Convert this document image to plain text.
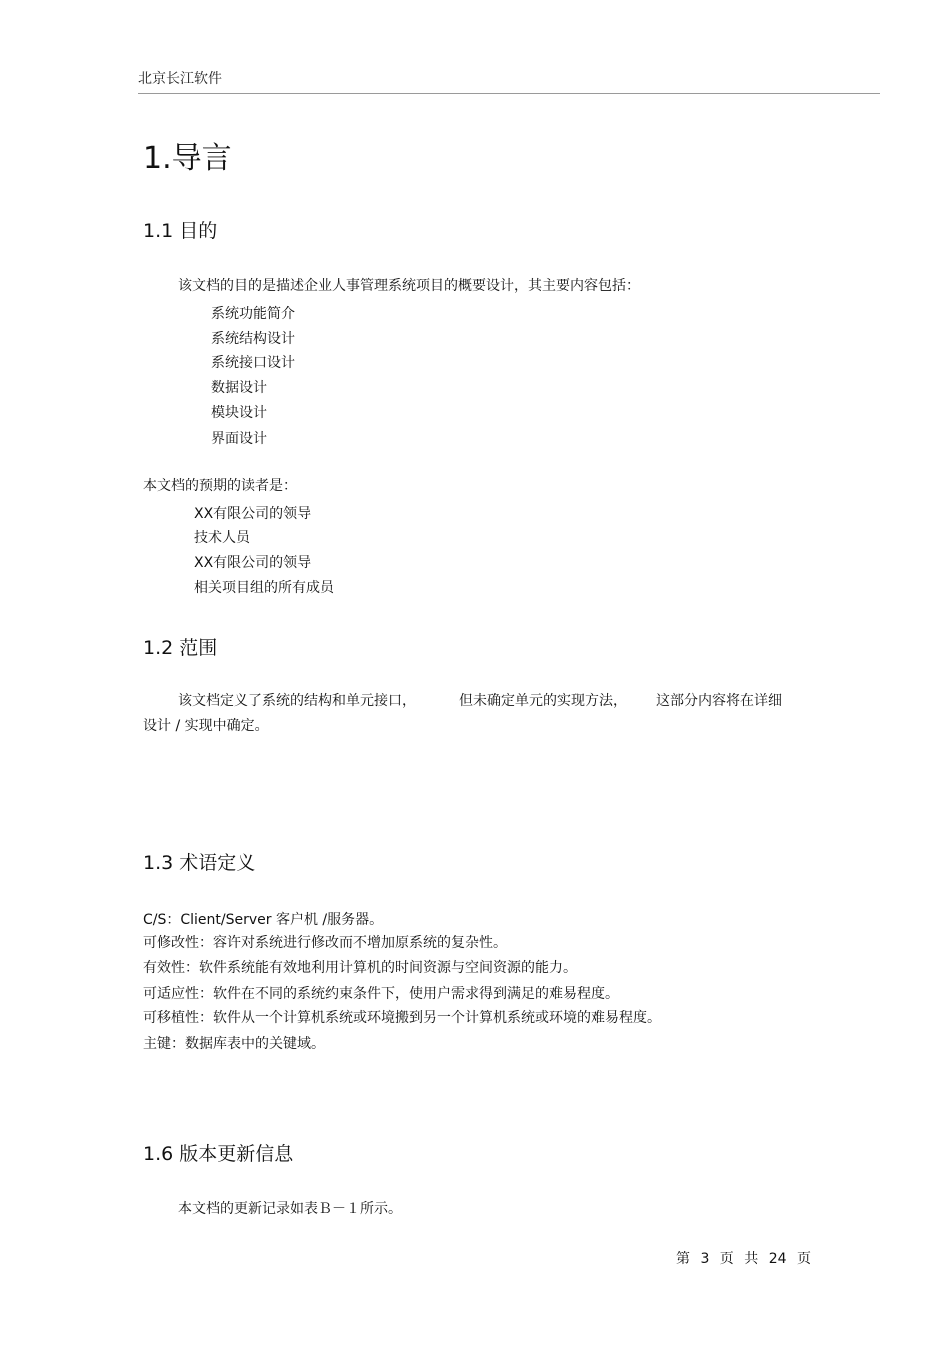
北京长江软件
1.导言
1.1 目的
该文档的目的是描述企业人事管理系统项目的概要设计，其主要内容包括：
系统功能简介
系统结构设计
系统接口设计
数据设计
模块设计
界面设计
本文档的预期的读者是：
XX有限公司的领导
技术人员
XX有限公司的领导
相关项目组的所有成员
1.2 范围
该文档定义了系统的结构和单元接口，	但未确定单元的实现方法， 这部分内容将在详细
设计 / 实现中确定。
1.3 术语定义
C/S：Client/Server 客户机 /服务器。
可修改性：容许对系统进行修改而不增加原系统的复杂性。
有效性：软件系统能有效地利用计算机的时间资源与空间资源的能力。
可适应性：软件在不同的系统约束条件下，使用户需求得到满足的难易程度。
可移植性：软件从一个计算机系统或环境搬到另一个计算机系统或环境的难易程度。
主键：数据库表中的关键域。
1.6 版本更新信息
本文档的更新记录如表Ｂ－１所示。
第 3 页 共 24 页
